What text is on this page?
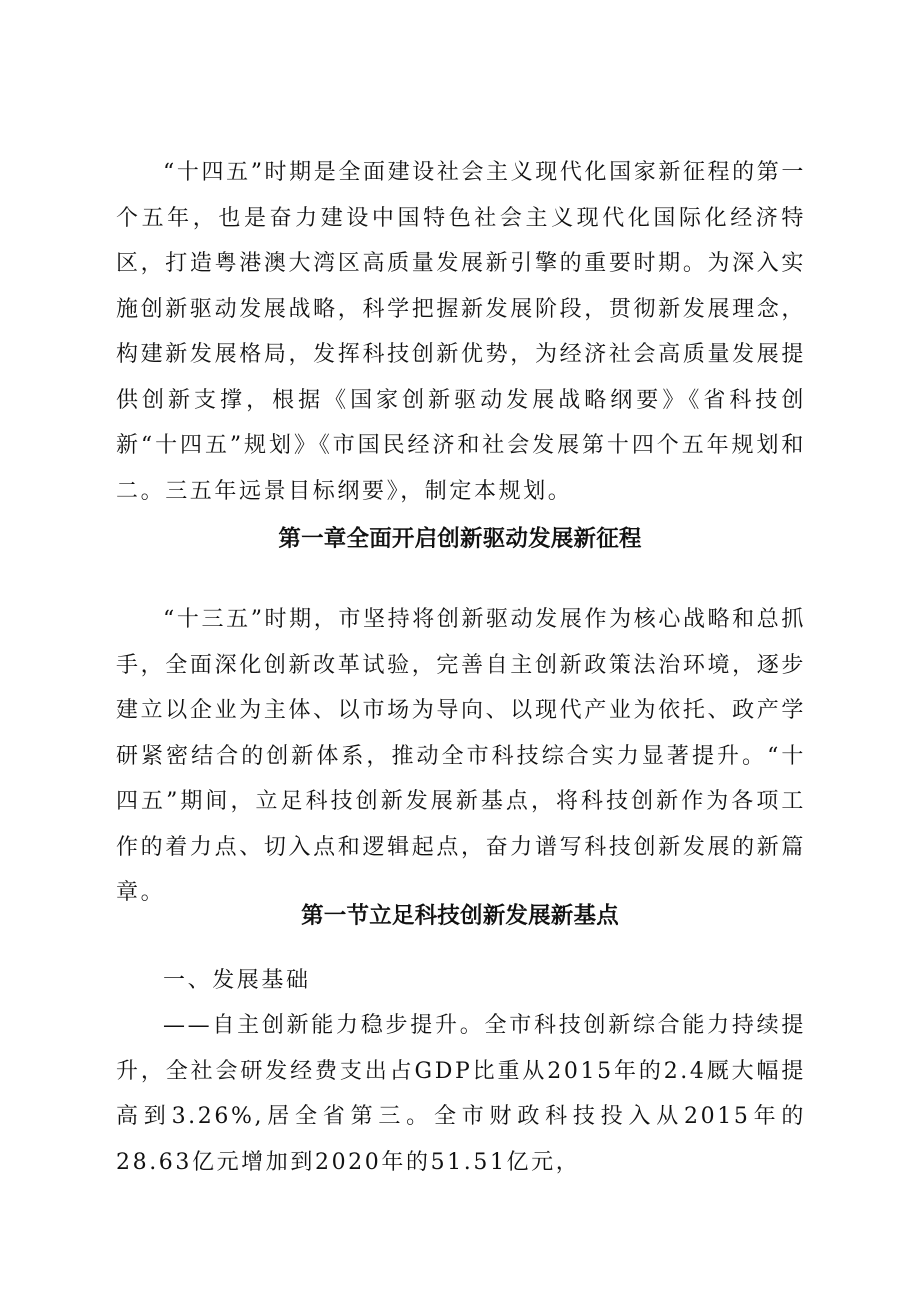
“十四五”时期是全面建设社会主义现代化国家新征程的第一个五年，也是奋力建设中国特色社会主义现代化国际化经济特区，打造粤港澳大湾区高质量发展新引擎的重要时期。为深入实施创新驱动发展战略，科学把握新发展阶段，贯彻新发展理念，构建新发展格局，发挥科技创新优势，为经济社会高质量发展提供创新支撑，根据《国家创新驱动发展战略纲要》《省科技创新“十四五”规划》《市国民经济和社会发展第十四个五年规划和二。三五年远景目标纲要》，制定本规划。

第一章全面开启创新驱动发展新征程

“十三五”时期，市坚持将创新驱动发展作为核心战略和总抓手，全面深化创新改革试验，完善自主创新政策法治环境，逐步建立以企业为主体、以市场为导向、以现代产业为依托、政产学研紧密结合的创新体系，推动全市科技综合实力显著提升。“十四五”期间，立足科技创新发展新基点，将科技创新作为各项工作的着力点、切入点和逻辑起点，奋力谱写科技创新发展的新篇章。

第一节立足科技创新发展新基点

一、发展基础

——自主创新能力稳步提升。全市科技创新综合能力持续提升，全社会研发经费支出占GDP比重从2015年的2.4厩大幅提高到3.26%,居全省第三。全市财政科技投入从2015年的28.63亿元增加到2020年的51.51亿元，
